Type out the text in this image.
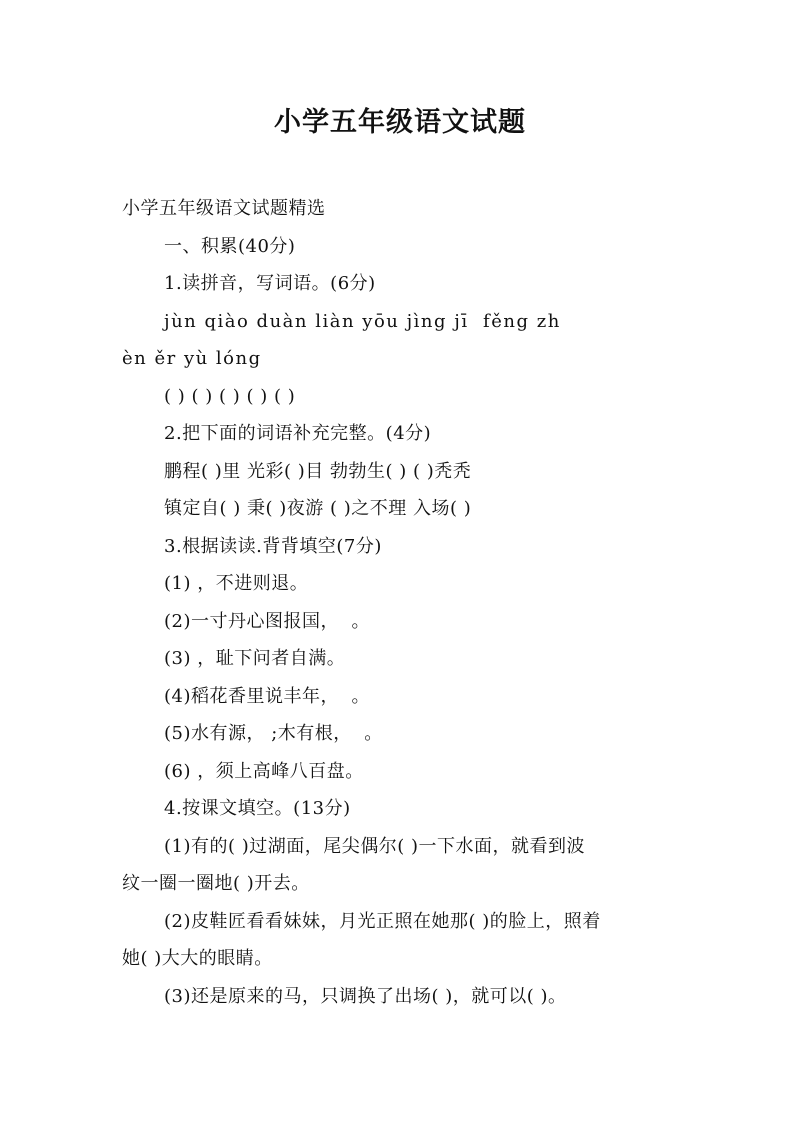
小学五年级语文试题

小学五年级语文试题精选

一、积累(40分)

1.读拼音，写词语。(6分)

jùn qiào duàn liàn yōu jìng jī  fěng zh

èn ěr yù lóng

( ) ( ) ( ) ( ) ( )

2.把下面的词语补充完整。(4分)

鹏程( )里 光彩( )目 勃勃生( ) ( )秃秃

镇定自( ) 秉( )夜游 ( )之不理 入场( )

3.根据读读.背背填空(7分)

(1) ，不进则退。

(2)一寸丹心图报国，  。

(3) ，耻下问者自满。

(4)稻花香里说丰年，  。

(5)水有源， ;木有根，  。

(6) ，须上高峰八百盘。

4.按课文填空。(13分)

(1)有的( )过湖面，尾尖偶尔( )一下水面，就看到波

纹一圈一圈地( )开去。

(2)皮鞋匠看看妹妹，月光正照在她那( )的脸上，照着

她( )大大的眼睛。

(3)还是原来的马，只调换了出场( )，就可以( )。
